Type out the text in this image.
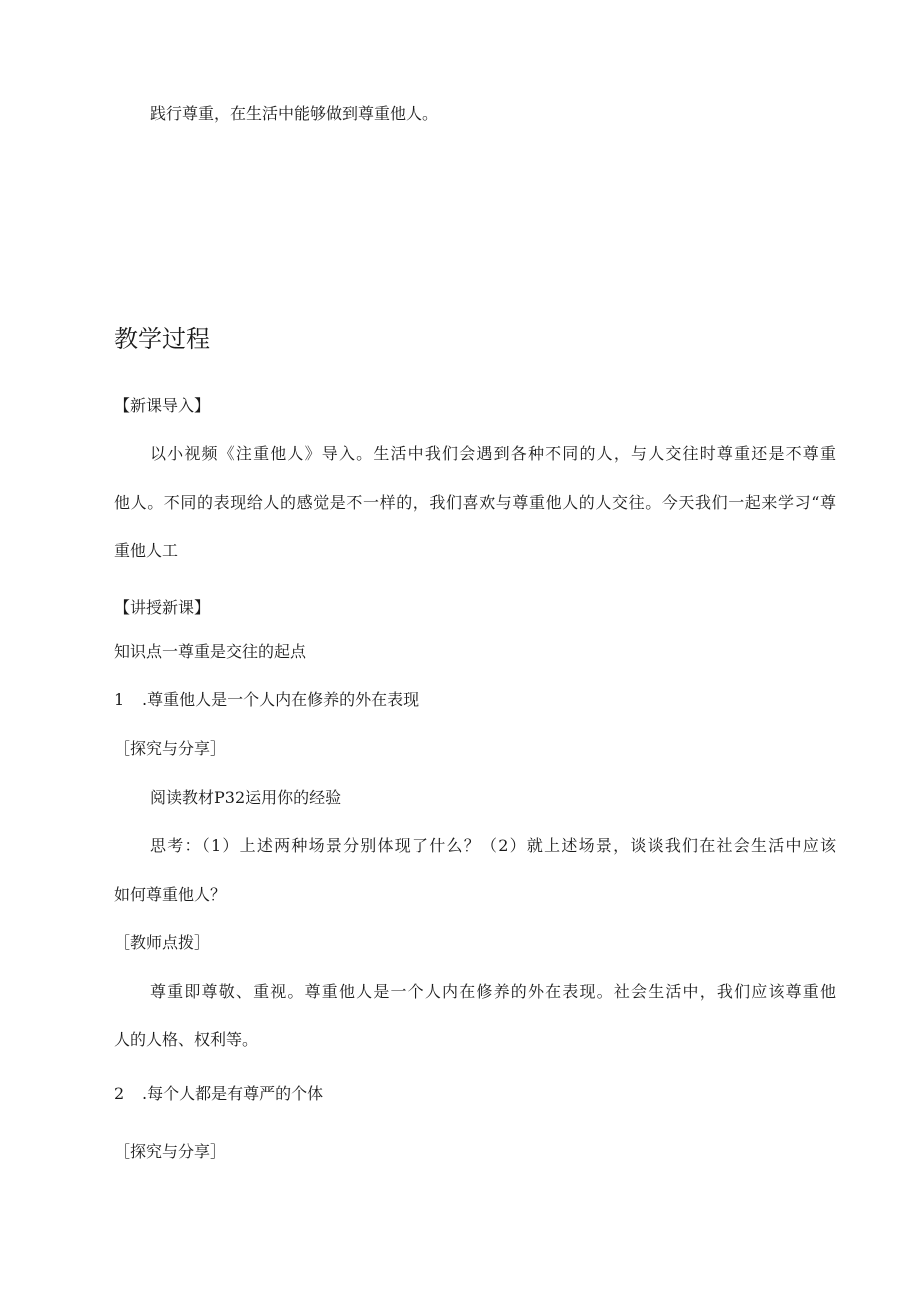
践行尊重，在生活中能够做到尊重他人。
教学过程
【新课导入】
以小视频《注重他人》导入。生活中我们会遇到各种不同的人，与人交往时尊重还是不尊重
他人。不同的表现给人的感觉是不一样的，我们喜欢与尊重他人的人交往。今天我们一起来学习“尊
重他人工
【讲授新课】
知识点一尊重是交往的起点
1 .尊重他人是一个人内在修养的外在表现
［探究与分享］
阅读教材P32运用你的经验
思考：（1）上述两种场景分别体现了什么？（2）就上述场景，谈谈我们在社会生活中应该
如何尊重他人？
［教师点拨］
尊重即尊敬、重视。尊重他人是一个人内在修养的外在表现。社会生活中，我们应该尊重他
人的人格、权利等。
2 .每个人都是有尊严的个体
［探究与分享］
